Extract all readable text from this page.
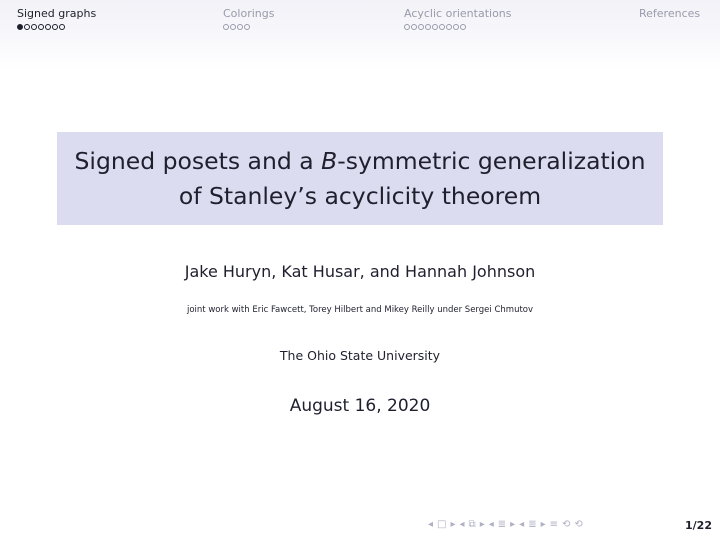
Signed graphs	Colorings	Acyclic orientations	References
Signed posets and a B-symmetric generalization
of Stanley’s acyclicity theorem
Jake Huryn, Kat Husar, and Hannah Johnson
joint work with Eric Fawcett, Torey Hilbert and Mikey Reilly under Sergei Chmutov
The Ohio State University
August 16, 2020
◂ □ ▸ ◂ ⧉ ▸ ◂ ≣ ▸ ◂ ≣ ▸ ≡ ⟲ ⟲	1/22
